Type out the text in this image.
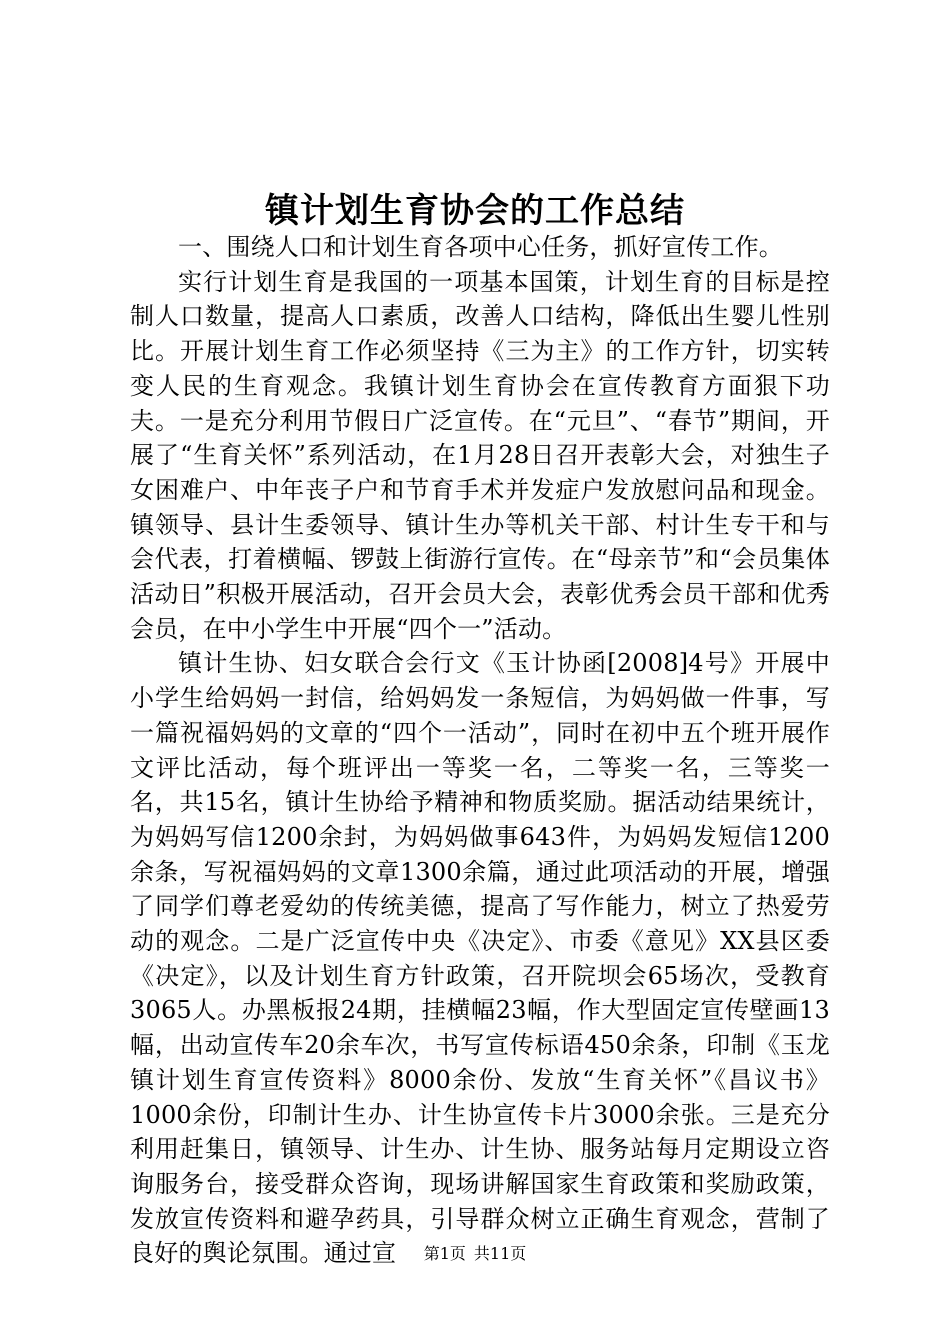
镇计划生育协会的工作总结

一、围绕人口和计划生育各项中心任务，抓好宣传工作。

实行计划生育是我国的一项基本国策，计划生育的目标是控制人口数量，提高人口素质，改善人口结构，降低出生婴儿性别比。开展计划生育工作必须坚持《三为主》的工作方针，切实转变人民的生育观念。我镇计划生育协会在宣传教育方面狠下功夫。一是充分利用节假日广泛宣传。在“元旦”、“春节”期间，开展了“生育关怀”系列活动，在1月28日召开表彰大会，对独生子女困难户、中年丧子户和节育手术并发症户发放慰问品和现金。镇领导、县计生委领导、镇计生办等机关干部、村计生专干和与会代表，打着横幅、锣鼓上街游行宣传。在“母亲节”和“会员集体活动日”积极开展活动，召开会员大会，表彰优秀会员干部和优秀会员，在中小学生中开展“四个一”活动。

镇计生协、妇女联合会行文《玉计协函[2008]4号》开展中小学生给妈妈一封信，给妈妈发一条短信，为妈妈做一件事，写一篇祝福妈妈的文章的“四个一活动”，同时在初中五个班开展作文评比活动，每个班评出一等奖一名，二等奖一名，三等奖一名，共15名，镇计生协给予精神和物质奖励。据活动结果统计，为妈妈写信1200余封，为妈妈做事643件，为妈妈发短信1200余条，写祝福妈妈的文章1300余篇，通过此项活动的开展，增强了同学们尊老爱幼的传统美德，提高了写作能力，树立了热爱劳动的观念。二是广泛宣传中央《决定》、市委《意见》XX县区委《决定》，以及计划生育方针政策，召开院坝会65场次，受教育3065人。办黑板报24期，挂横幅23幅，作大型固定宣传壁画13幅，出动宣传车20余车次，书写宣传标语450余条，印制《玉龙镇计划生育宣传资料》8000余份、发放“生育关怀”《昌议书》1000余份，印制计生办、计生协宣传卡片3000余张。三是充分利用赶集日，镇领导、计生办、计生协、服务站每月定期设立咨询服务台，接受群众咨询，现场讲解国家生育政策和奖励政策，发放宣传资料和避孕药具，引导群众树立正确生育观念，营制了良好的舆论氛围。通过宣	第1页 共11页
